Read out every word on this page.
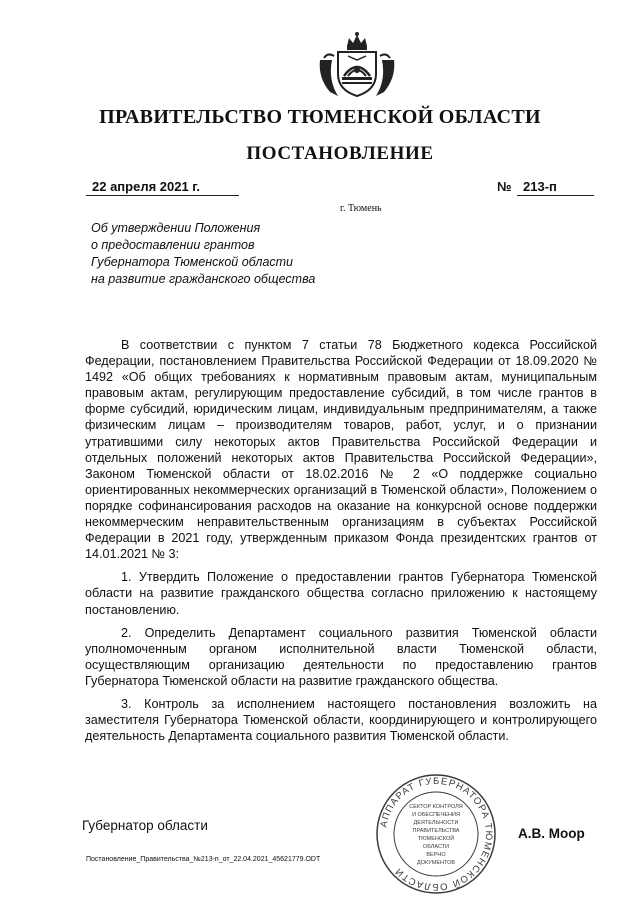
ПРАВИТЕЛЬСТВО ТЮМЕНСКОЙ ОБЛАСТИ
ПОСТАНОВЛЕНИЕ
22 апреля 2021 г.	№ 213-п
г. Тюмень
Об утверждении Положения
о предоставлении грантов
Губернатора Тюменской области
на развитие гражданского общества

В соответствии с пунктом 7 статьи 78 Бюджетного кодекса Российской Федерации, постановлением Правительства Российской Федерации от 18.09.2020 № 1492 «Об общих требованиях к нормативным правовым актам, муниципальным правовым актам, регулирующим предоставление субсидий, в том числе грантов в форме субсидий, юридическим лицам, индивидуальным предпринимателям, а также физическим лицам – производителям товаров, работ, услуг, и о признании утратившими силу некоторых актов Правительства Российской Федерации и отдельных положений некоторых актов Правительства Российской Федерации», Законом Тюменской области от 18.02.2016 № 2 «О поддержке социально ориентированных некоммерческих организаций в Тюменской области», Положением о порядке софинансирования расходов на оказание на конкурсной основе поддержки некоммерческим неправительственным организациям в субъектах Российской Федерации в 2021 году, утвержденным приказом Фонда президентских грантов от 14.01.2021 № 3:

1. Утвердить Положение о предоставлении грантов Губернатора Тюменской области на развитие гражданского общества согласно приложению к настоящему постановлению.

2. Определить Департамент социального развития Тюменской области уполномоченным органом исполнительной власти Тюменской области, осуществляющим организацию деятельности по предоставлению грантов Губернатора Тюменской области на развитие гражданского общества.

3. Контроль за исполнением настоящего постановления возложить на заместителя Губернатора Тюменской области, координирующего и контролирующего деятельность Департамента социального развития Тюменской области.

Губернатор области	АППАРАТ ГУБЕРНАТОРА ТЮМЕНСКОЙ ОБЛАСТИ
СЕКТОР КОНТРОЛЯ
И ОБЕСПЕЧЕНИЯ
ДЕЯТЕЛЬНОСТИ
ПРАВИТЕЛЬСТВА
ТЮМЕНСКОЙ
ОБЛАСТИ
ВЕРНО
ДОКУМЕНТОВ
А.В. Моор
Постановление_Правительства_№213-п_от_22.04.2021_45621779.ODT
